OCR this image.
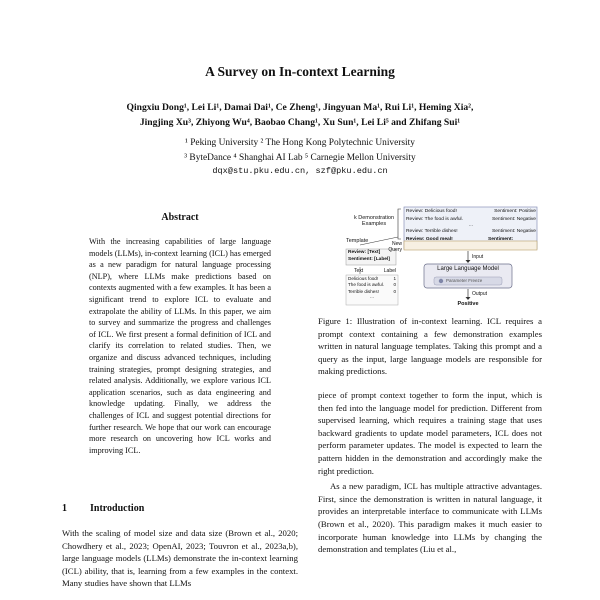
A Survey on In-context Learning
Qingxiu Dong¹, Lei Li¹, Damai Dai¹, Ce Zheng¹, Jingyuan Ma¹, Rui Li¹, Heming Xia²,
Jingjing Xu³, Zhiyong Wu⁴, Baobao Chang¹, Xu Sun¹, Lei Li⁵ and Zhifang Sui¹
¹ Peking University ² The Hong Kong Polytechnic University
³ ByteDance ⁴ Shanghai AI Lab ⁵ Carnegie Mellon University
dqx@stu.pku.edu.cn, szf@pku.edu.cn
Abstract
With the increasing capabilities of large language models (LLMs), in-context learning (ICL) has emerged as a new paradigm for natural language processing (NLP), where LLMs make predictions based on contexts augmented with a few examples. It has been a significant trend to explore ICL to evaluate and extrapolate the ability of LLMs. In this paper, we aim to survey and summarize the progress and challenges of ICL. We first present a formal definition of ICL and clarify its correlation to related studies. Then, we organize and discuss advanced techniques, including training strategies, prompt designing strategies, and related analysis. Additionally, we explore various ICL application scenarios, such as data engineering and knowledge updating. Finally, we address the challenges of ICL and suggest potential directions for further research. We hope that our work can encourage more research on uncovering how ICL works and improving ICL.
1 Introduction
With the scaling of model size and data size (Brown et al., 2020; Chowdhery et al., 2023; OpenAI, 2023; Touvron et al., 2023a,b), large language models (LLMs) demonstrate the in-context learning (ICL) ability, that is, learning from a few examples in the context. Many studies have shown that LLMs
k Demonstration
Examples
Template
Review: [Text]
Sentiment: [Label]
New
Query
Review: Delicious food!	Sentiment: Positive
Review: The food is awful.	Sentiment: Negative
...
Review: Terrible dishes!	Sentiment: Negative
Review: Good meal!	Sentiment:
Input
Large Language Model
Parameter Freeze
Output
Positive
Text	Label
Delicious food!	1
The food is awful. 0
Terrible dishes!	0
...
Figure 1: Illustration of in-context learning. ICL requires a prompt context containing a few demonstration examples written in natural language templates. Taking this prompt and a query as the input, large language models are responsible for making predictions.
piece of prompt context together to form the input, which is then fed into the language model for prediction. Different from supervised learning, which requires a training stage that uses backward gradients to update model parameters, ICL does not perform parameter updates. The model is expected to learn the pattern hidden in the demonstration and accordingly make the right prediction.
As a new paradigm, ICL has multiple attractive advantages. First, since the demonstration is written in natural language, it provides an interpretable interface to communicate with LLMs (Brown et al., 2020). This paradigm makes it much easier to incorporate human knowledge into LLMs by changing the demonstration and templates (Liu et al.,
